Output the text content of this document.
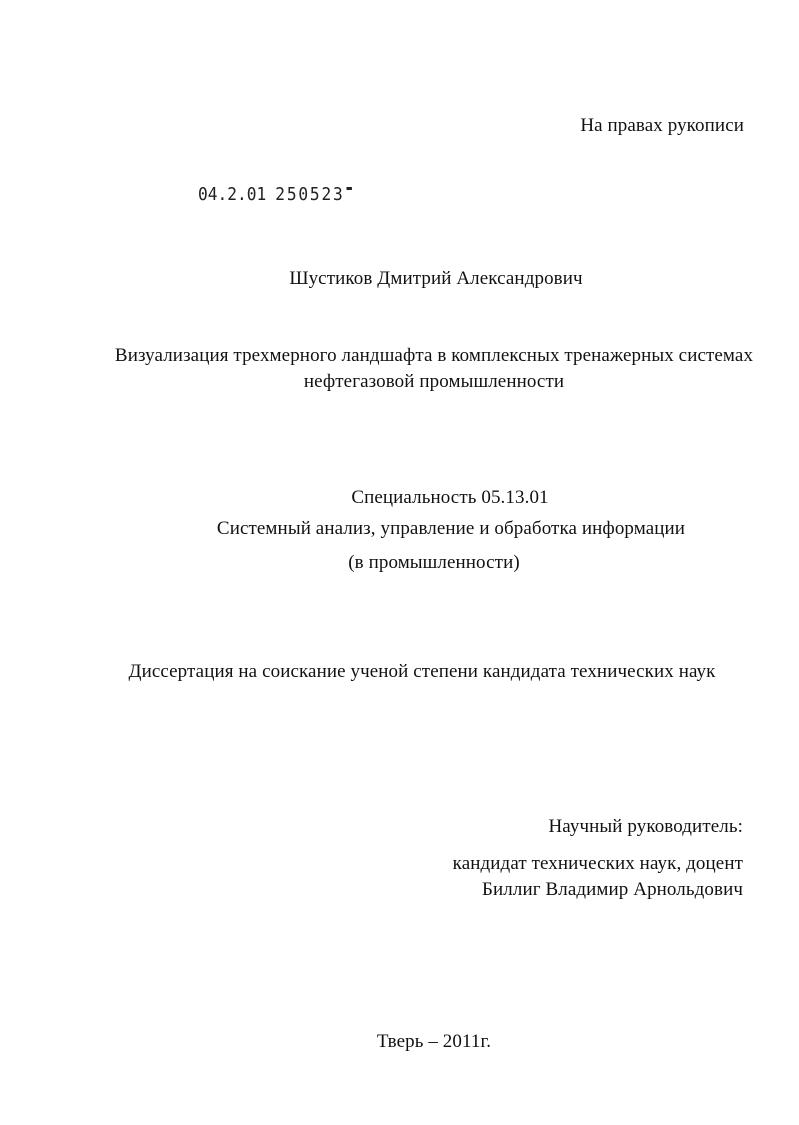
На правах рукописи
04.2.01 250523
Шустиков Дмитрий Александрович
Визуализация трехмерного ландшафта в комплексных тренажерных системах
нефтегазовой промышленности
Специальность 05.13.01
Системный анализ, управление и обработка информации
(в промышленности)
Диссертация на соискание ученой степени кандидата технических наук
Научный руководитель:
кандидат технических наук, доцент
Биллиг Владимир Арнольдович
Тверь – 2011г.
